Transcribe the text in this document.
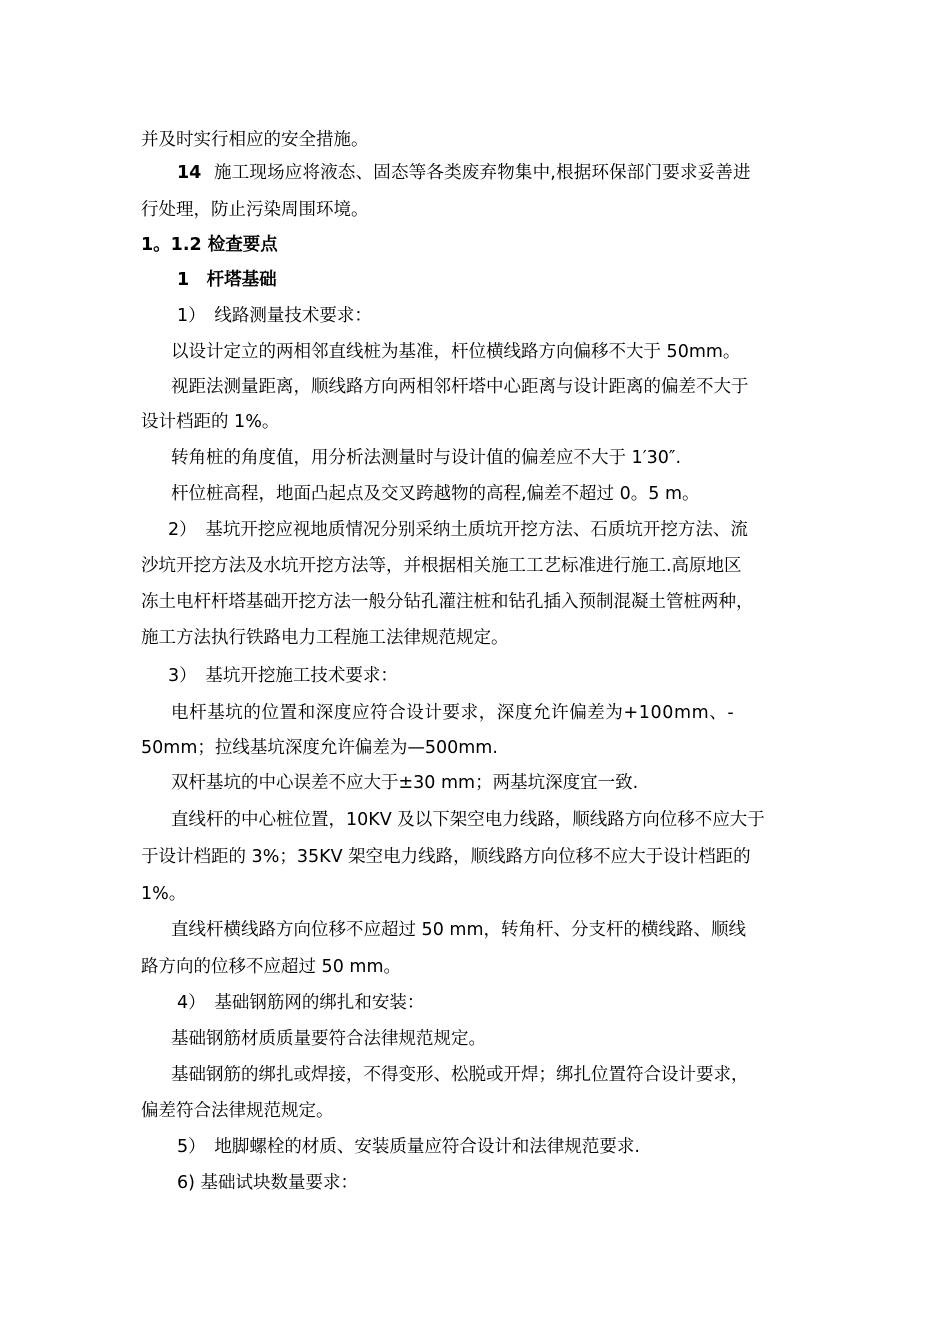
并及时实行相应的安全措施。
14 施工现场应将液态、固态等各类废弃物集中,根据环保部门要求妥善进
行处理，防止污染周围环境。
1。1.2 检查要点
1　杆塔基础
1）　线路测量技术要求：
以设计定立的两相邻直线桩为基准，杆位横线路方向偏移不大于 50mm。
视距法测量距离，顺线路方向两相邻杆塔中心距离与设计距离的偏差不大于
设计档距的 1%。
转角桩的角度值，用分析法测量时与设计值的偏差应不大于 1′30″.
杆位桩高程，地面凸起点及交叉跨越物的高程,偏差不超过 0。5 m。
2）　基坑开挖应视地质情况分别采纳土质坑开挖方法、石质坑开挖方法、流
沙坑开挖方法及水坑开挖方法等，并根据相关施工工艺标准进行施工.高原地区
冻土电杆杆塔基础开挖方法一般分钻孔灌注桩和钻孔插入预制混凝土管桩两种，
施工方法执行铁路电力工程施工法律规范规定。
3）　基坑开挖施工技术要求：
电杆基坑的位置和深度应符合设计要求，深度允许偏差为+100mm、-
50mm；拉线基坑深度允许偏差为—500mm.
双杆基坑的中心误差不应大于±30 mm；两基坑深度宜一致.
直线杆的中心桩位置，10KV 及以下架空电力线路，顺线路方向位移不应大于
于设计档距的 3%；35KV 架空电力线路，顺线路方向位移不应大于设计档距的
1%。
直线杆横线路方向位移不应超过 50 mm，转角杆、分支杆的横线路、顺线
路方向的位移不应超过 50 mm。
4）　基础钢筋网的绑扎和安装：
基础钢筋材质质量要符合法律规范规定。
基础钢筋的绑扎或焊接，不得变形、松脱或开焊；绑扎位置符合设计要求，
偏差符合法律规范规定。
5）　地脚螺栓的材质、安装质量应符合设计和法律规范要求.
6) 基础试块数量要求：
